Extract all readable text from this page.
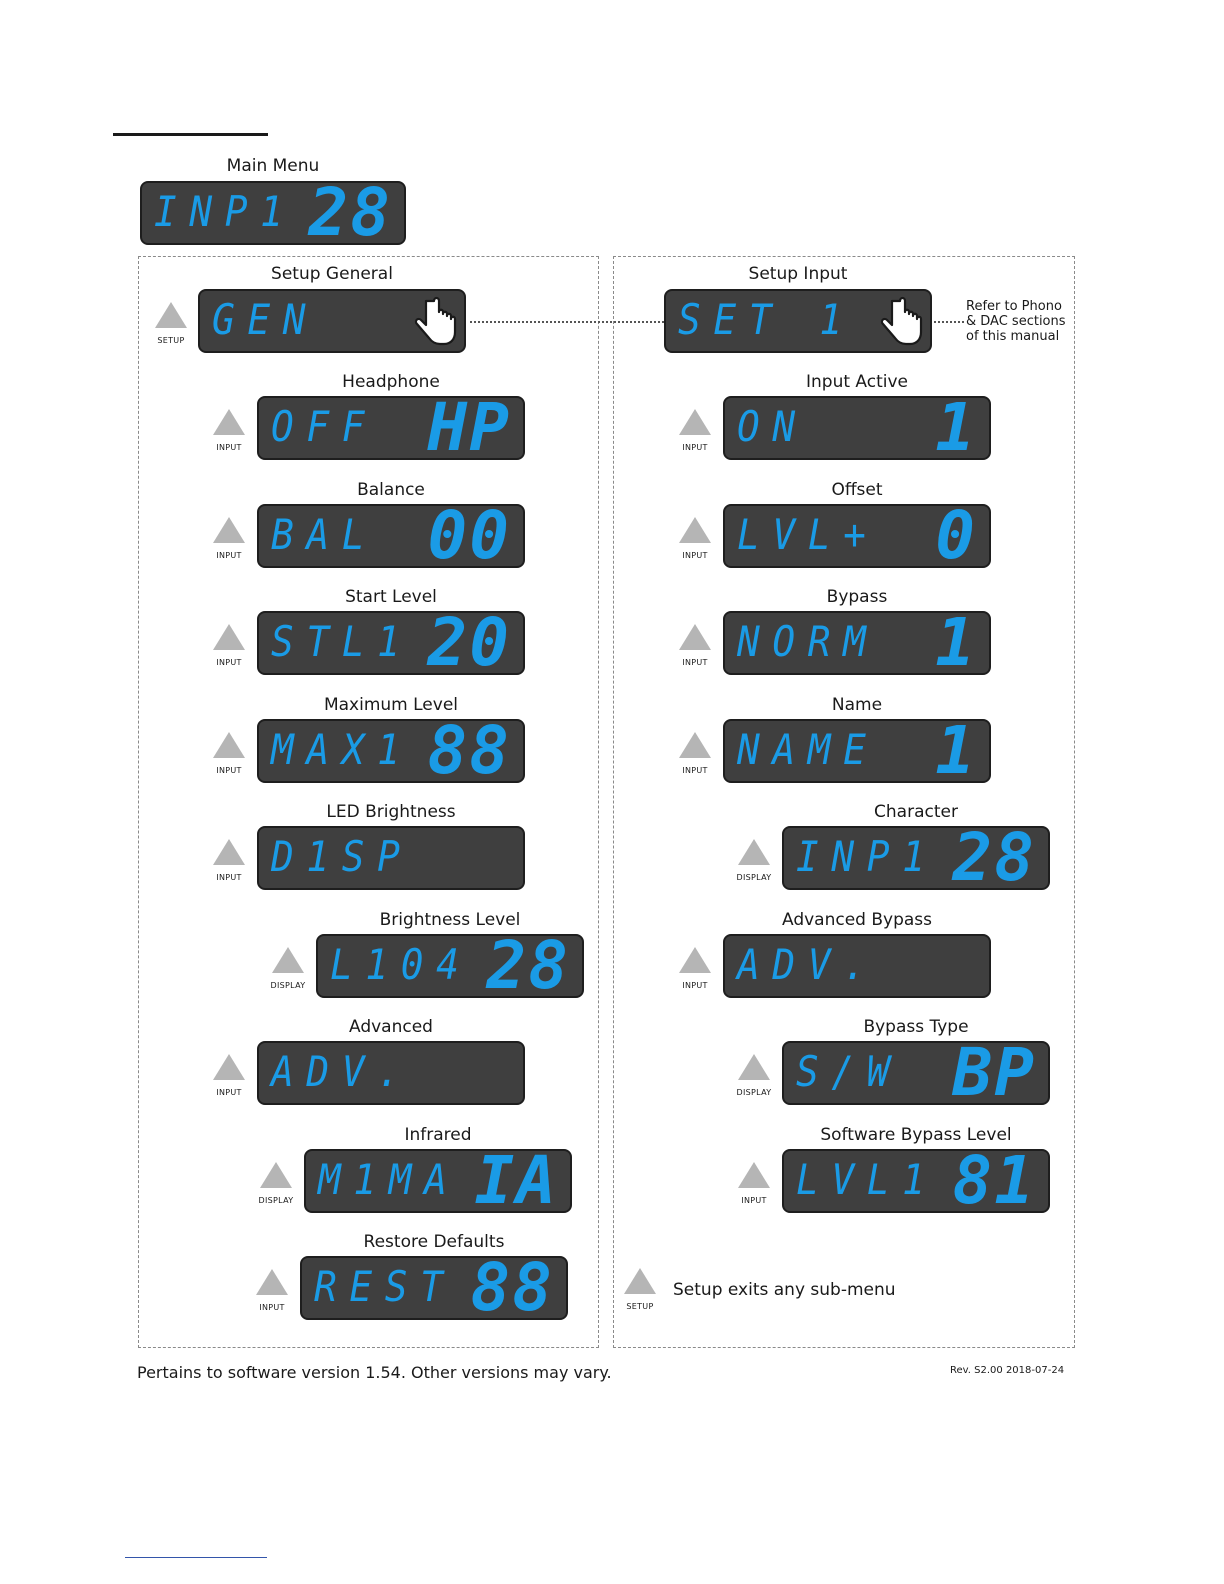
Main Menu
INP1 28
Setup General
SETUP GEN
Headphone
INPUT OFF HP
Balance
INPUT BAL 00
Start Level
INPUT STL1 20
Maximum Level
INPUT MAX1 88
LED Brightness
INPUT D1SP
Brightness Level
DISPLAY L104 28
Advanced
INPUT ADV.
Infrared
DISPLAY M1MA IA
Restore Defaults
INPUT REST 88
Setup Input
SET 1	Refer to Phono
& DAC sections
of this manual
Input Active
INPUT ON 1
Offset
INPUT LVL+ 0
Bypass
INPUT NORM 1
Name
INPUT NAME 1
Character
DISPLAY INP1 28
Advanced Bypass
INPUT ADV.
Bypass Type
DISPLAY S/W BP
Software Bypass Level
INPUT LVL1 81
SETUP
Setup exits any sub-menu
Pertains to software version 1.54. Other versions may vary.	Rev. S2.00 2018-07-24
